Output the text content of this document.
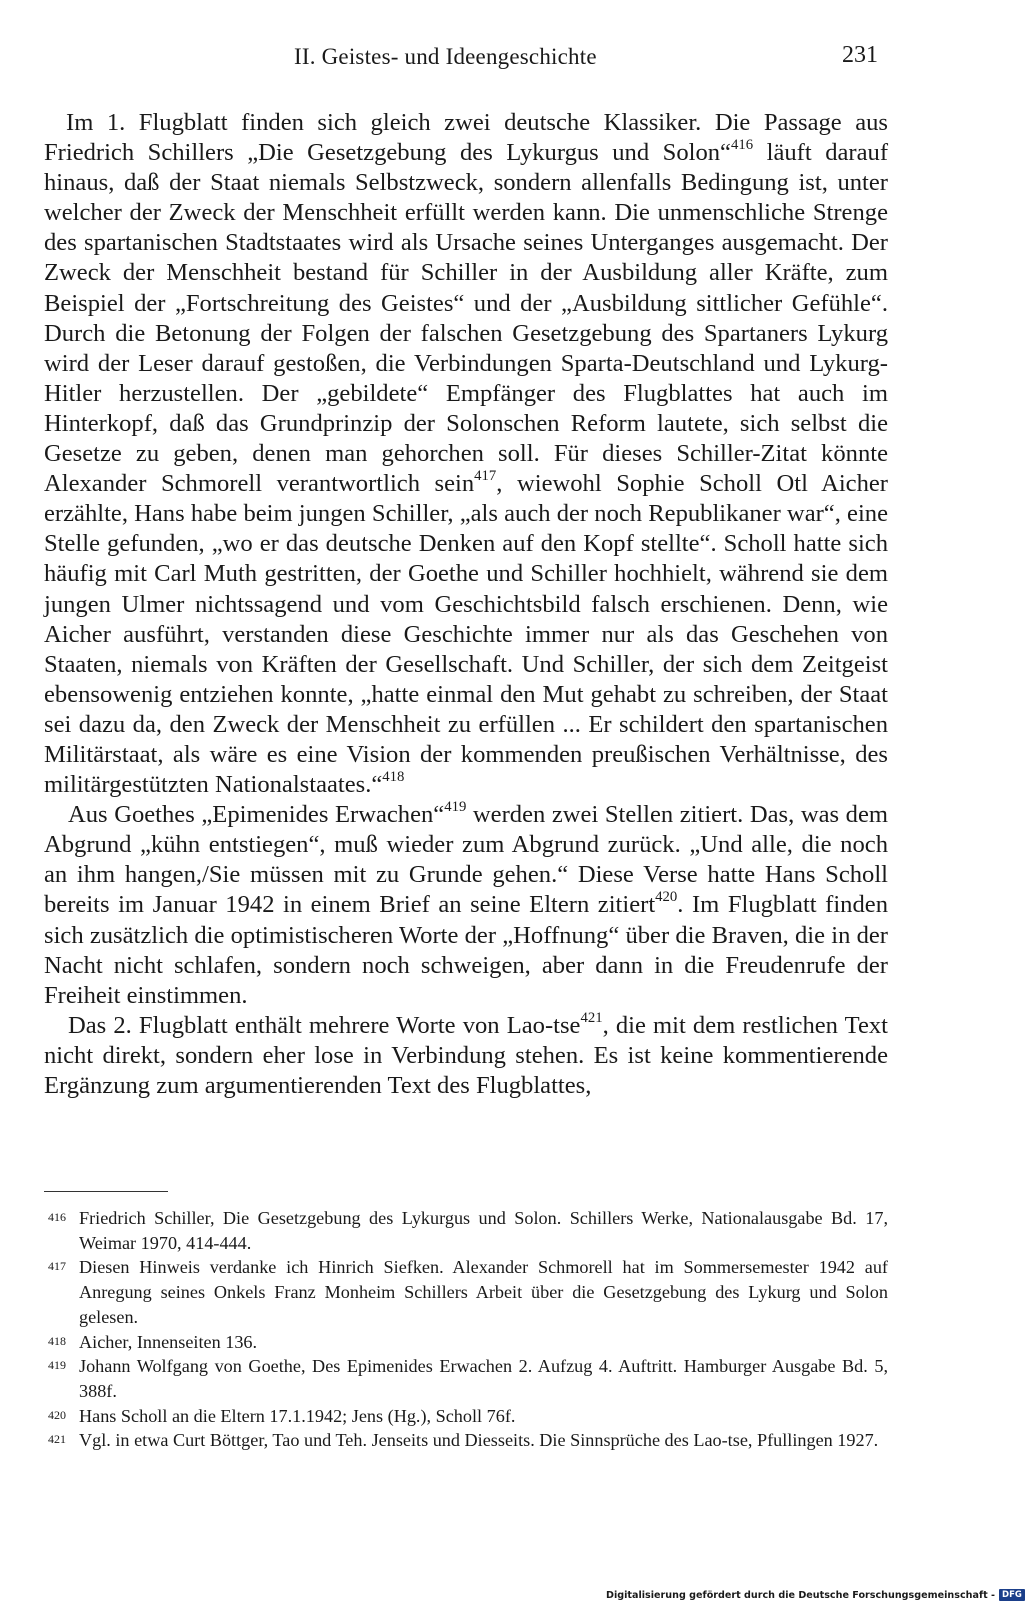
II. Geistes- und Ideengeschichte	231

Im 1. Flugblatt finden sich gleich zwei deutsche Klassiker. Die Passage aus Friedrich Schillers „Die Gesetzgebung des Lykurgus und Solon“$^{416}$ läuft darauf hinaus, daß der Staat niemals Selbstzweck, sondern allenfalls Bedingung ist, unter welcher der Zweck der Menschheit erfüllt werden kann. Die unmenschliche Strenge des spartanischen Stadtstaates wird als Ursache seines Unterganges ausgemacht. Der Zweck der Menschheit bestand für Schiller in der Ausbildung aller Kräfte, zum Beispiel der „Fortschreitung des Geistes“ und der „Ausbildung sittlicher Gefühle“. Durch die Betonung der Folgen der falschen Gesetzgebung des Spartaners Lykurg wird der Leser darauf gestoßen, die Verbindungen Sparta-Deutschland und Lykurg-Hitler herzustellen. Der „gebildete“ Empfänger des Flugblattes hat auch im Hinterkopf, daß das Grundprinzip der Solonschen Reform lautete, sich selbst die Gesetze zu geben, denen man gehorchen soll. Für dieses Schiller-Zitat könnte Alexander Schmorell verantwortlich sein$^{417}$, wiewohl Sophie Scholl Otl Aicher erzählte, Hans habe beim jungen Schiller, „als auch der noch Republikaner war“, eine Stelle gefunden, „wo er das deutsche Denken auf den Kopf stellte“. Scholl hatte sich häufig mit Carl Muth gestritten, der Goethe und Schiller hochhielt, während sie dem jungen Ulmer nichtssagend und vom Geschichtsbild falsch erschienen. Denn, wie Aicher ausführt, verstanden diese Geschichte immer nur als das Geschehen von Staaten, niemals von Kräften der Gesellschaft. Und Schiller, der sich dem Zeitgeist ebensowenig entziehen konnte, „hatte einmal den Mut gehabt zu schreiben, der Staat sei dazu da, den Zweck der Menschheit zu erfüllen ... Er schildert den spartanischen Militärstaat, als wäre es eine Vision der kommenden preußischen Verhältnisse, des militärgestützten Nationalstaates.“$^{418}$

Aus Goethes „Epimenides Erwachen“$^{419}$ werden zwei Stellen zitiert. Das, was dem Abgrund „kühn entstiegen“, muß wieder zum Abgrund zurück. „Und alle, die noch an ihm hangen,/Sie müssen mit zu Grunde gehen.“ Diese Verse hatte Hans Scholl bereits im Januar 1942 in einem Brief an seine Eltern zitiert$^{420}$. Im Flugblatt finden sich zusätzlich die optimistischeren Worte der „Hoffnung“ über die Braven, die in der Nacht nicht schlafen, sondern noch schweigen, aber dann in die Freudenrufe der Freiheit einstimmen.

Das 2. Flugblatt enthält mehrere Worte von Lao-tse$^{421}$, die mit dem restlichen Text nicht direkt, sondern eher lose in Verbindung stehen. Es ist keine kommentierende Ergänzung zum argumentierenden Text des Flugblattes,

416 Friedrich Schiller, Die Gesetzgebung des Lykurgus und Solon. Schillers Werke, Nationalausgabe Bd. 17, Weimar 1970, 414-444.
417 Diesen Hinweis verdanke ich Hinrich Siefken. Alexander Schmorell hat im Sommersemester 1942 auf Anregung seines Onkels Franz Monheim Schillers Arbeit über die Gesetzgebung des Lykurg und Solon gelesen.
418 Aicher, Innenseiten 136.
419 Johann Wolfgang von Goethe, Des Epimenides Erwachen 2. Aufzug 4. Auftritt. Hamburger Ausgabe Bd. 5, 388f.
420 Hans Scholl an die Eltern 17.1.1942; Jens (Hg.), Scholl 76f.
421 Vgl. in etwa Curt Böttger, Tao und Teh. Jenseits und Diesseits. Die Sinnsprüche des Lao-tse, Pfullingen 1927.
Digitalisierung gefördert durch die Deutsche Forschungsgemeinschaft - DFG
